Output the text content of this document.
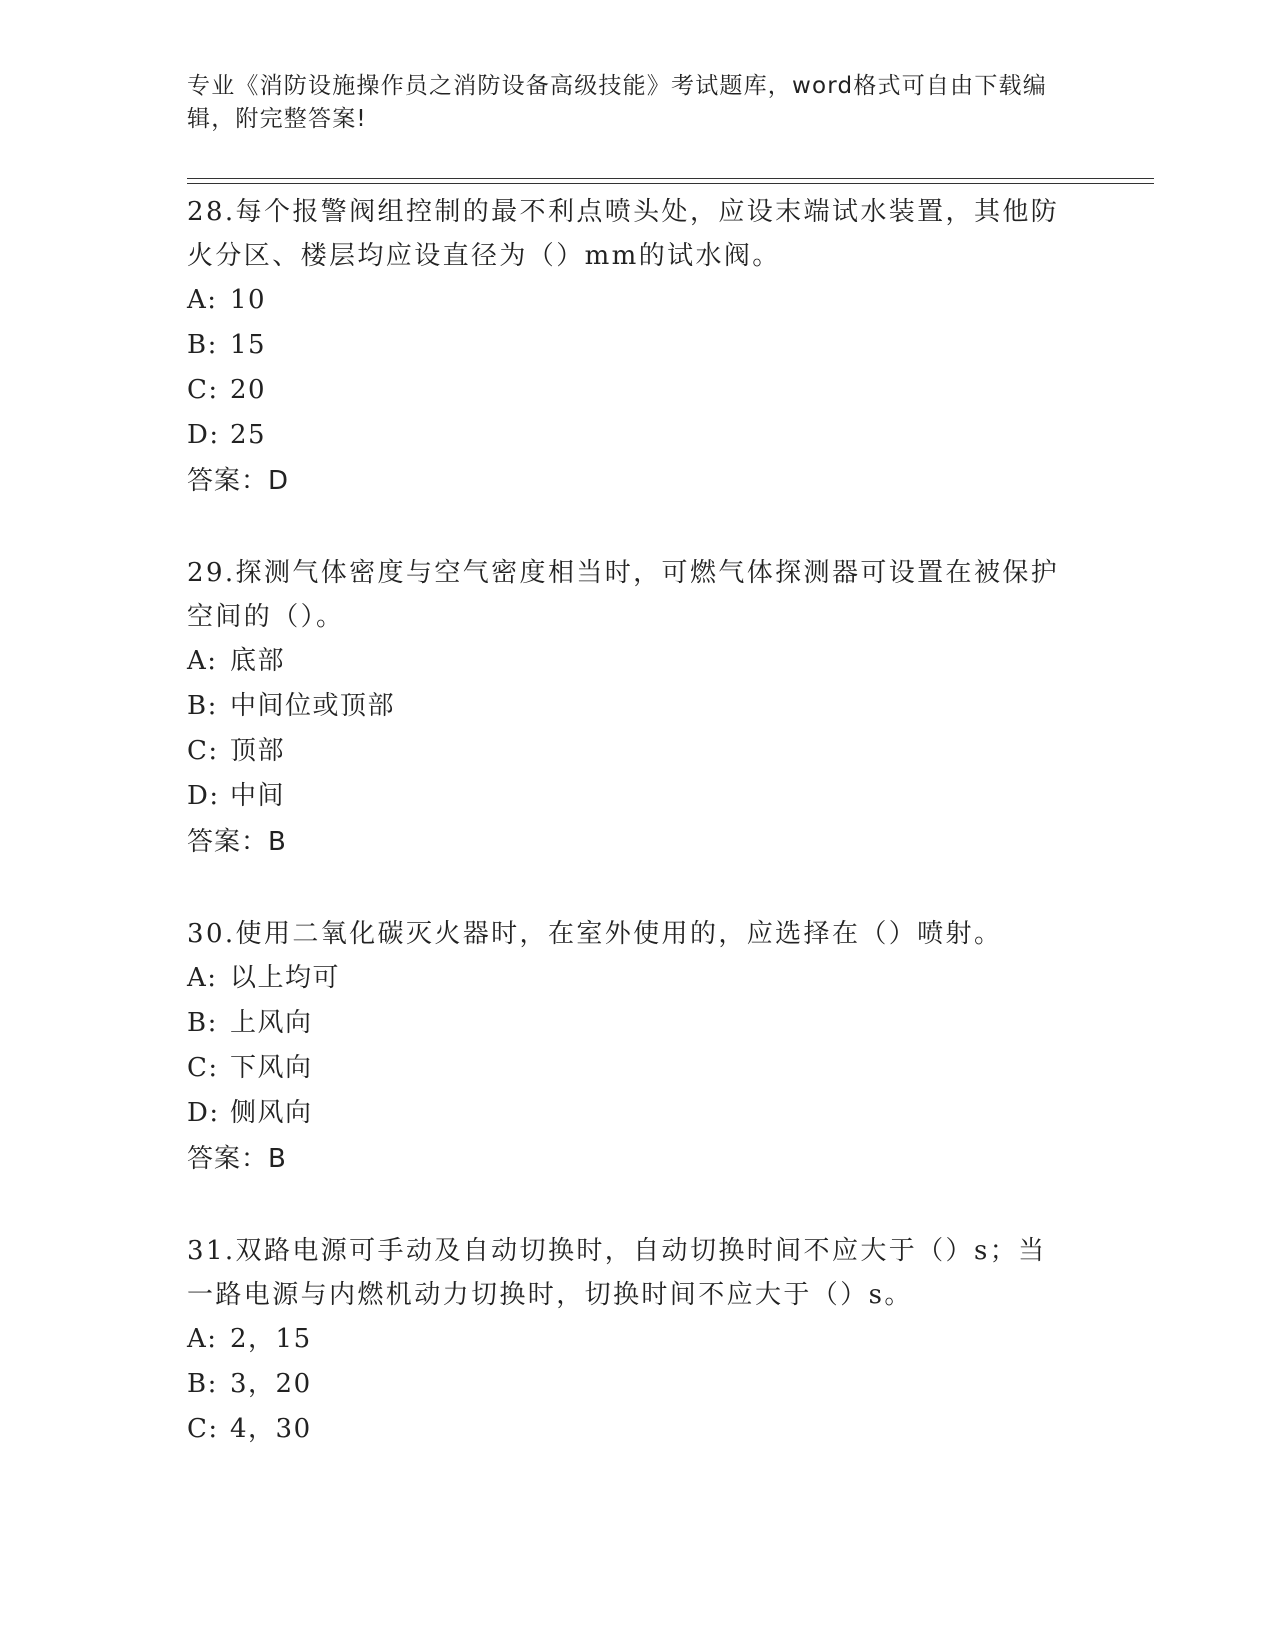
专业《消防设施操作员之消防设备高级技能》考试题库，word格式可自由下载编
辑，附完整答案!

28.每个报警阀组控制的最不利点喷头处，应设末端试水装置，其他防

火分区、楼层均应设直径为（）mm的试水阀。

A: 10
B: 15
C: 20
D: 25

答案：D

29.探测气体密度与空气密度相当时，可燃气体探测器可设置在被保护

空间的（）。

A: 底部
B: 中间位或顶部
C: 顶部
D: 中间

答案：B

30.使用二氧化碳灭火器时，在室外使用的，应选择在（）喷射。

A: 以上均可
B: 上风向
C: 下风向
D: 侧风向

答案：B

31.双路电源可手动及自动切换时，自动切换时间不应大于（）s；当

一路电源与内燃机动力切换时，切换时间不应大于（）s。

A: 2，15
B: 3，20
C: 4，30
